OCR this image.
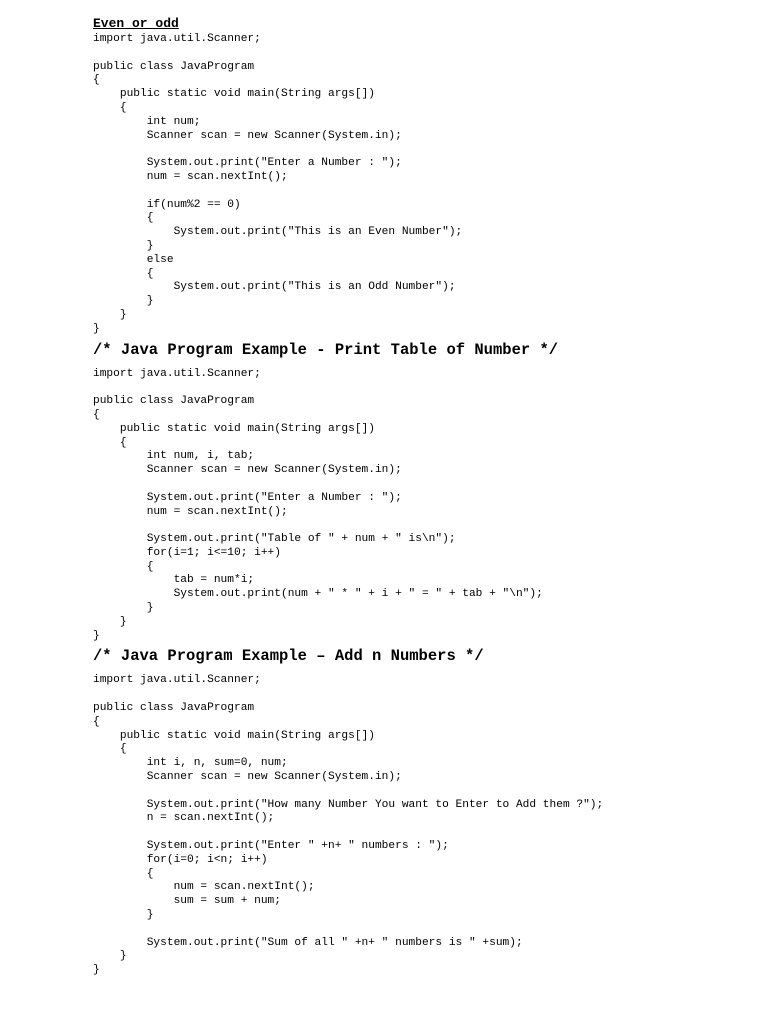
Even or odd
import java.util.Scanner;
public class JavaProgram
{
public static void main(String args[])
{
int num;
Scanner scan = new Scanner(System.in);
System.out.print("Enter a Number : ");
num = scan.nextInt();
if(num%2 == 0)
{
System.out.print("This is an Even Number");
}
else
{
System.out.print("This is an Odd Number");
}
}
}
/* Java Program Example - Print Table of Number */
import java.util.Scanner;
public class JavaProgram
{
public static void main(String args[])
{
int num, i, tab;
Scanner scan = new Scanner(System.in);
System.out.print("Enter a Number : ");
num = scan.nextInt();
System.out.print("Table of " + num + " is\n");
for(i=1; i<=10; i++)
{
tab = num*i;
System.out.print(num + " * " + i + " = " + tab + "\n");
}
}
}
/* Java Program Example – Add n Numbers */
import java.util.Scanner;
public class JavaProgram
{
public static void main(String args[])
{
int i, n, sum=0, num;
Scanner scan = new Scanner(System.in);
System.out.print("How many Number You want to Enter to Add them ?");
n = scan.nextInt();
System.out.print("Enter " +n+ " numbers : ");
for(i=0; i<n; i++)
{
num = scan.nextInt();
sum = sum + num;
}
System.out.print("Sum of all " +n+ " numbers is " +sum);
}
}
